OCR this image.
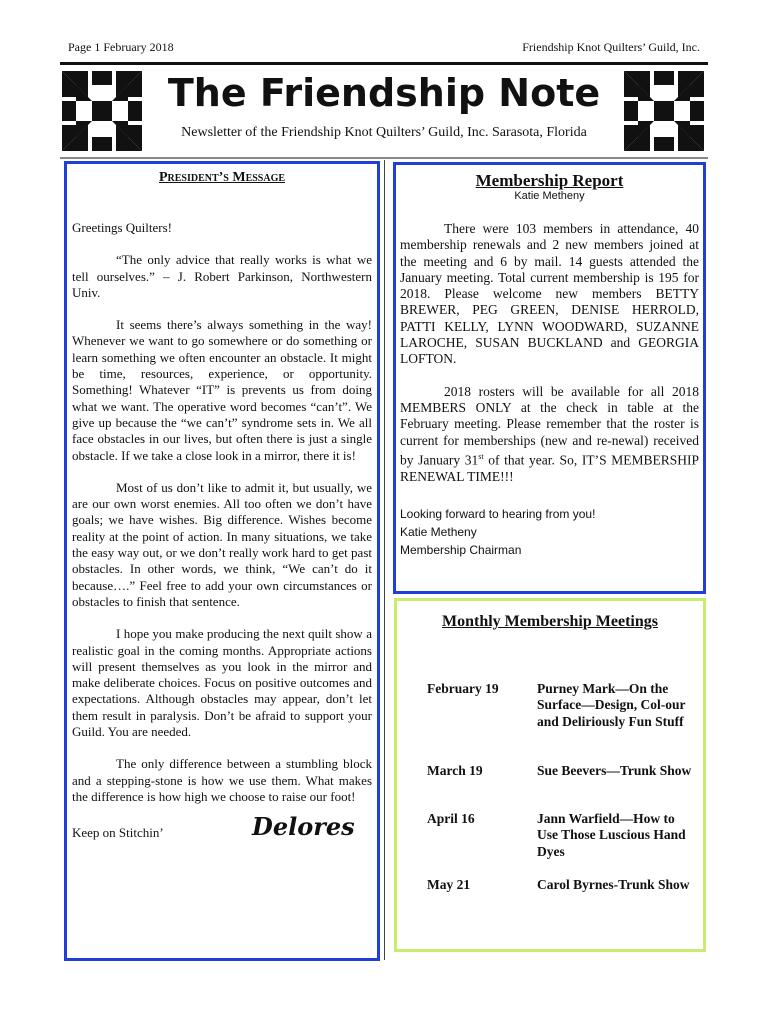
Page 1 February 2018	Friendship Knot Quilters’ Guild, Inc.
The Friendship Note
Newsletter of the Friendship Knot Quilters’ Guild, Inc. Sarasota, Florida
President’s Message

Greetings Quilters!

“The only advice that really works is what we tell ourselves.” – J. Robert Parkinson, Northwestern Univ.

It seems there’s always something in the way! Whenever we want to go somewhere or do something or learn something we often encounter an obstacle. It might be time, resources, experience, or opportunity. Something! Whatever “IT” is prevents us from doing what we want. The operative word becomes “can’t”. We give up because the “we can’t” syndrome sets in. We all face obstacles in our lives, but often there is just a single obstacle. If we take a close look in a mirror, there it is!

Most of us don’t like to admit it, but usually, we are our own worst enemies. All too often we don’t have goals; we have wishes. Big difference. Wishes become reality at the point of action. In many situations, we take the easy way out, or we don’t really work hard to get past obstacles. In other words, we think, “We can’t do it because….” Feel free to add your own circumstances or obstacles to finish that sentence.

I hope you make producing the next quilt show a realistic goal in the coming months. Appropriate actions will present themselves as you look in the mirror and make deliberate choices. Focus on positive outcomes and expectations. Although obstacles may appear, don’t let them result in paralysis. Don’t be afraid to support your Guild. You are needed.

The only difference between a stumbling block and a stepping-stone is how we use them. What makes the difference is how high we choose to raise our foot!

Keep on Stitchin’	Delores
Membership Report
Katie Metheny

There were 103 members in attendance, 40 membership renewals and 2 new members joined at the meeting and 6 by mail. 14 guests attended the January meeting. Total current membership is 195 for 2018. Please welcome new members BETTY BREWER, PEG GREEN, DENISE HERROLD, PATTI KELLY, LYNN WOODWARD, SUZANNE LAROCHE, SUSAN BUCKLAND and GEORGIA LOFTON.

2018 rosters will be available for all 2018 MEMBERS ONLY at the check in table at the February meeting. Please remember that the roster is current for memberships (new and re-newal) received by January 31st of that year. So, IT’S MEMBERSHIP RENEWAL TIME!!!

Looking forward to hearing from you!
Katie Metheny
Membership Chairman
Monthly Membership Meetings
February 19	Purney Mark—On the Surface—Design, Col-our and Deliriously Fun Stuff
March 19	Sue Beevers—Trunk Show
April 16	Jann Warfield—How to Use Those Luscious Hand Dyes
May 21	Carol Byrnes-Trunk Show
